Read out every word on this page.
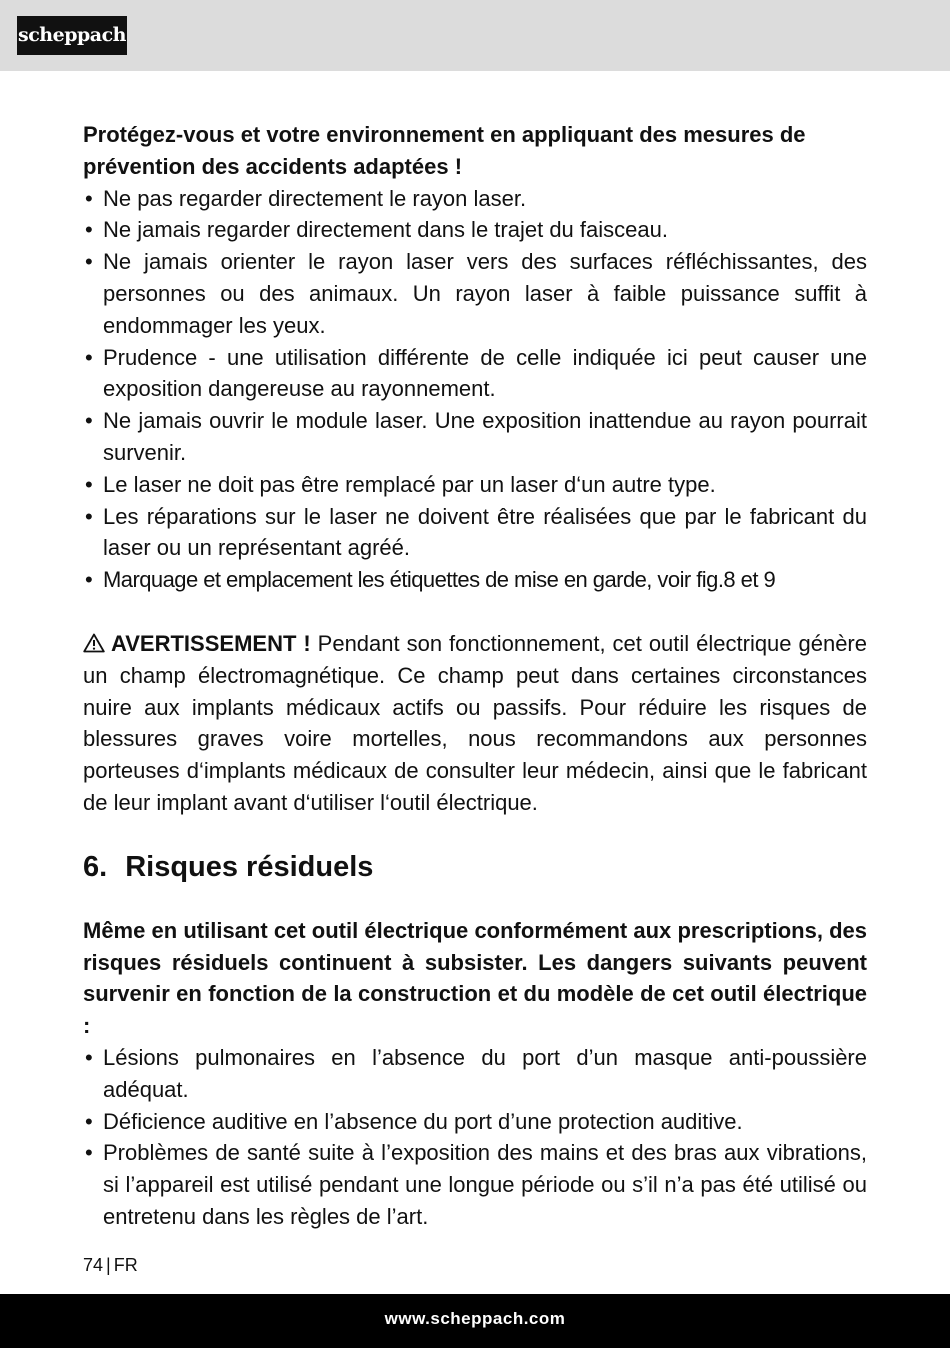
scheppach

Protégez-vous et votre environnement en appliquant des mesures de prévention des accidents adaptées !

• Ne pas regarder directement le rayon laser.
• Ne jamais regarder directement dans le trajet du faisceau.
• Ne jamais orienter le rayon laser vers des surfaces réfléchissantes, des personnes ou des animaux. Un rayon laser à faible puissance suffit à endommager les yeux.
• Prudence - une utilisation différente de celle indiquée ici peut causer une exposition dangereuse au rayonnement.
• Ne jamais ouvrir le module laser. Une exposition inattendue au rayon pourrait survenir.
• Le laser ne doit pas être remplacé par un laser d‘un autre type.
• Les réparations sur le laser ne doivent être réalisées que par le fabricant du laser ou un représentant agréé.
• Marquage et emplacement les étiquettes de mise en garde, voir fig.8 et 9

AVERTISSEMENT ! Pendant son fonctionnement, cet outil électrique génère un champ électromagnétique. Ce champ peut dans certaines circonstances nuire aux implants médicaux actifs ou passifs. Pour réduire les risques de blessures graves voire mortelles, nous recommandons aux personnes porteuses d‘implants médicaux de consulter leur médecin, ainsi que le fabricant de leur implant avant d‘utiliser l‘outil électrique.

6. Risques résiduels

Même en utilisant cet outil électrique conformément aux prescriptions, des risques résiduels continuent à subsister. Les dangers suivants peuvent survenir en fonction de la construction et du modèle de cet outil électrique :

• Lésions pulmonaires en l’absence du port d’un masque anti-poussière adéquat.
• Déficience auditive en l’absence du port d’une protection auditive.
• Problèmes de santé suite à l’exposition des mains et des bras aux vibrations, si l’appareil est utilisé pendant une longue période ou s’il n’a pas été utilisé ou entretenu dans les règles de l’art.
74 | FR
www.scheppach.com
